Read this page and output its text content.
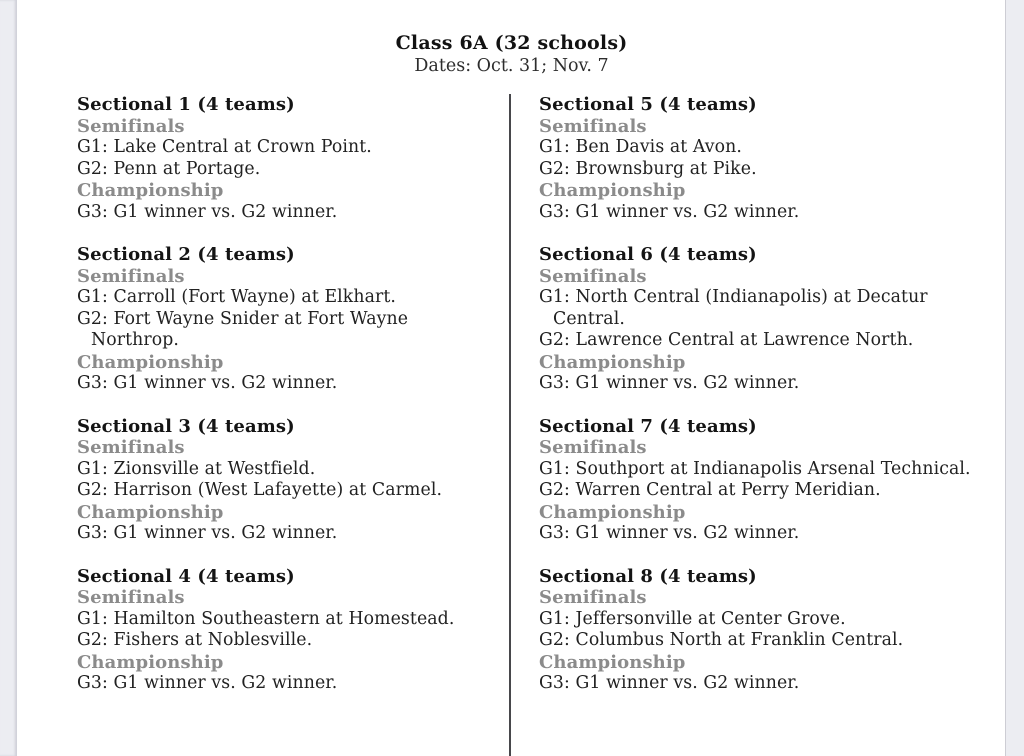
Class 6A (32 schools)
Dates: Oct. 31; Nov. 7
Sectional 1 (4 teams)
Semifinals
G1: Lake Central at Crown Point.
G2: Penn at Portage.
Championship
G3: G1 winner vs. G2 winner.
Sectional 2 (4 teams)
Semifinals
G1: Carroll (Fort Wayne) at Elkhart.
G2: Fort Wayne Snider at Fort Wayne Northrop.
Championship
G3: G1 winner vs. G2 winner.
Sectional 3 (4 teams)
Semifinals
G1: Zionsville at Westfield.
G2: Harrison (West Lafayette) at Carmel.
Championship
G3: G1 winner vs. G2 winner.
Sectional 4 (4 teams)
Semifinals
G1: Hamilton Southeastern at Homestead.
G2: Fishers at Noblesville.
Championship
G3: G1 winner vs. G2 winner.
Sectional 5 (4 teams)
Semifinals
G1: Ben Davis at Avon.
G2: Brownsburg at Pike.
Championship
G3: G1 winner vs. G2 winner.
Sectional 6 (4 teams)
Semifinals
G1: North Central (Indianapolis) at Decatur Central.
G2: Lawrence Central at Lawrence North.
Championship
G3: G1 winner vs. G2 winner.
Sectional 7 (4 teams)
Semifinals
G1: Southport at Indianapolis Arsenal Technical.
G2: Warren Central at Perry Meridian.
Championship
G3: G1 winner vs. G2 winner.
Sectional 8 (4 teams)
Semifinals
G1: Jeffersonville at Center Grove.
G2: Columbus North at Franklin Central.
Championship
G3: G1 winner vs. G2 winner.
